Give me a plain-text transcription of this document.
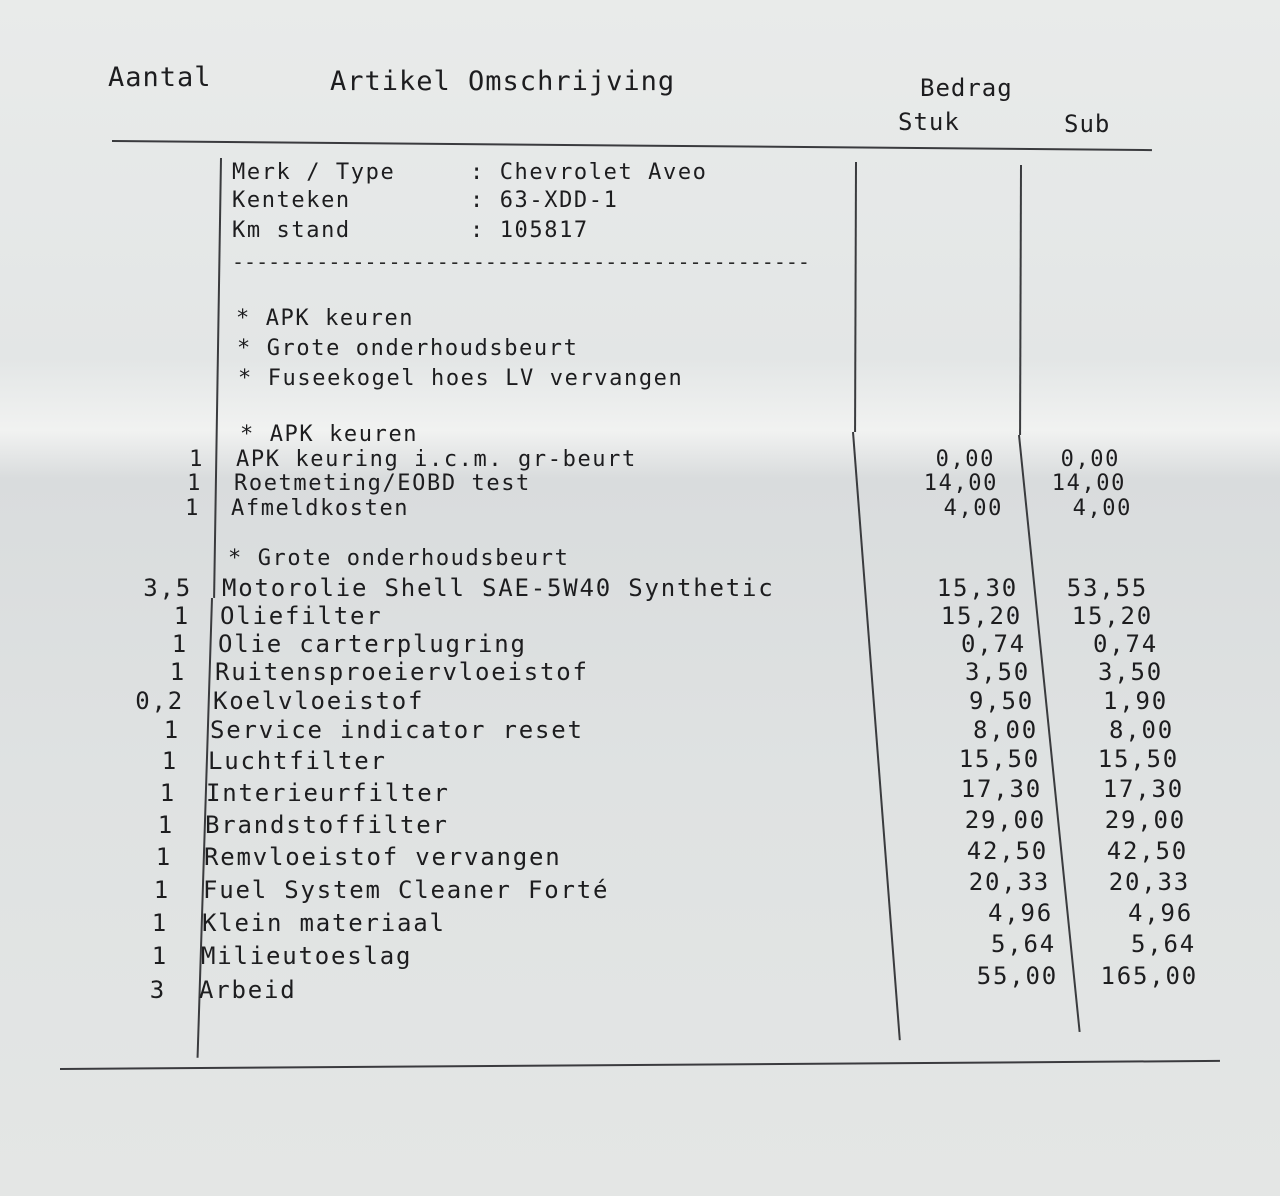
Aantal	Artikel Omschrijving	Bedrag
Stuk	Sub
Merk / Type	: Chevrolet Aveo
Kenteken	: 63-XDD-1
Km stand	: 105817
------------------------------------------------
* APK keuren
* Grote onderhoudsbeurt
* Fuseekogel hoes LV vervangen
* APK keuren
* Grote onderhoudsbeurt
1 APK keuring i.c.m. gr-beurt	0,00	0,00
1 Roetmeting/EOBD test	14,00	14,00
1 Afmeldkosten	4,00	4,00
3,5 Motorolie Shell SAE-5W40 Synthetic	15,30	53,55
1 Oliefilter	15,20	15,20
1 Olie carterplugring	0,74	0,74
1 Ruitensproeiervloeistof	3,50	3,50
0,2 Koelvloeistof	9,50	1,90
1 Service indicator reset	8,00	8,00
1 Luchtfilter	15,50	15,50
1 Interieurfilter	17,30	17,30
1 Brandstoffilter	29,00	29,00
1 Remvloeistof vervangen	42,50	42,50
1 Fuel System Cleaner Forté	20,33	20,33
1 Klein materiaal	4,96	4,96
1 Milieutoeslag	5,64	5,64
3 Arbeid	55,00	165,00
